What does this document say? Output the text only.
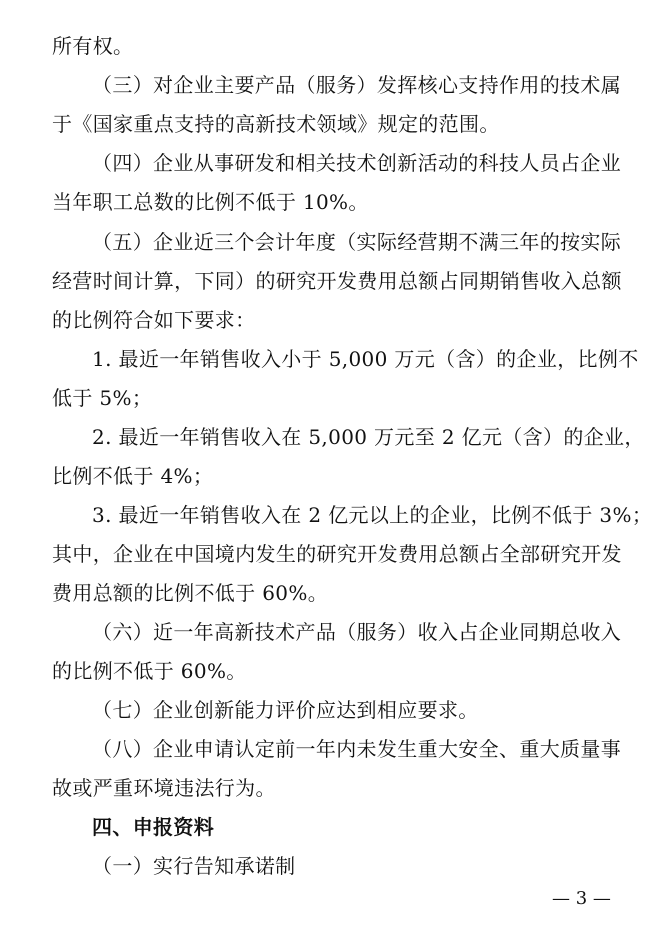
所有权。
（三）对企业主要产品（服务）发挥核心支持作用的技术属
于《国家重点支持的高新技术领域》规定的范围。
（四）企业从事研发和相关技术创新活动的科技人员占企业
当年职工总数的比例不低于 10%。
（五）企业近三个会计年度（实际经营期不满三年的按实际
经营时间计算，下同）的研究开发费用总额占同期销售收入总额
的比例符合如下要求：
1. 最近一年销售收入小于 5,000 万元（含）的企业，比例不
低于 5%；
2. 最近一年销售收入在 5,000 万元至 2 亿元（含）的企业，
比例不低于 4%；
3. 最近一年销售收入在 2 亿元以上的企业，比例不低于 3%；
其中，企业在中国境内发生的研究开发费用总额占全部研究开发
费用总额的比例不低于 60%。
（六）近一年高新技术产品（服务）收入占企业同期总收入
的比例不低于 60%。
（七）企业创新能力评价应达到相应要求。
（八）企业申请认定前一年内未发生重大安全、重大质量事
故或严重环境违法行为。
四、申报资料
（一）实行告知承诺制
— 3 —
